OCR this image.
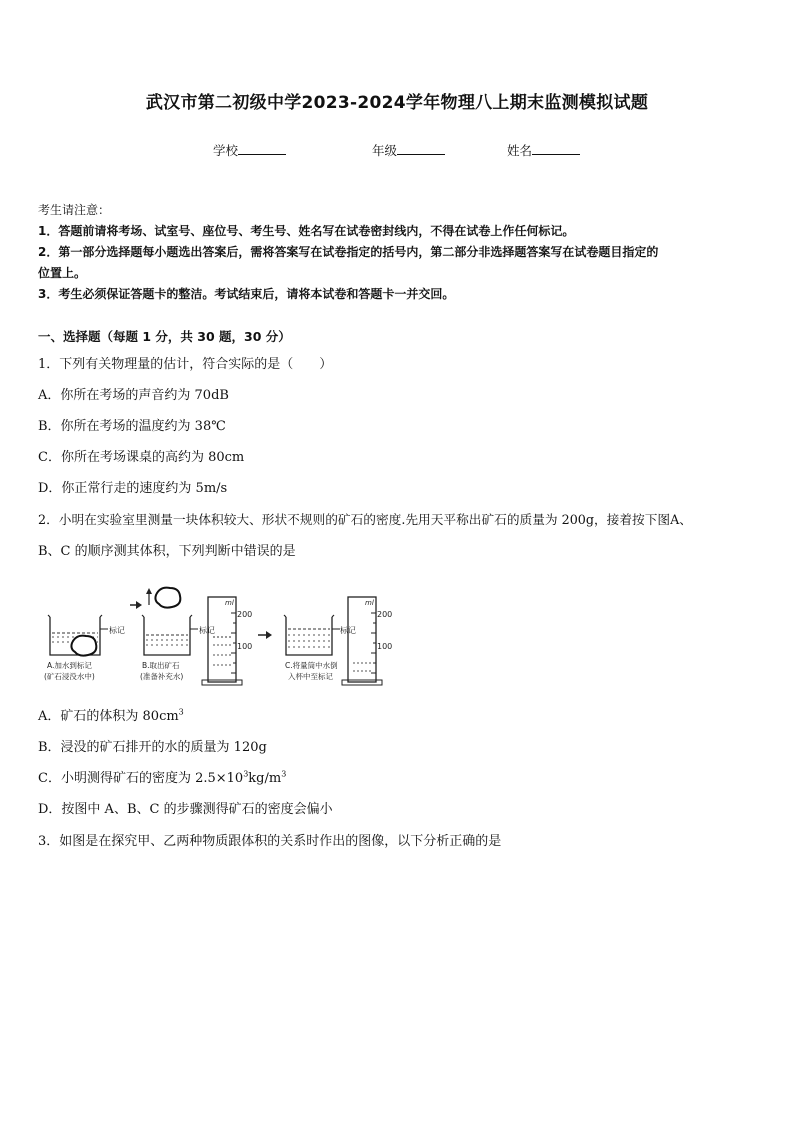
武汉市第二初级中学2023-2024学年物理八上期末监测模拟试题
学校	年级	姓名
考生请注意：
1．答题前请将考场、试室号、座位号、考生号、姓名写在试卷密封线内，不得在试卷上作任何标记。
2．第一部分选择题每小题选出答案后，需将答案写在试卷指定的括号内，第二部分非选择题答案写在试卷题目指定的
位置上。
3．考生必须保证答题卡的整洁。考试结束后，请将本试卷和答题卡一并交回。
一、选择题（每题 1 分，共 30 题，30 分）
1．下列有关物理量的估计，符合实际的是（　　）
A．你所在考场的声音约为 70dB
B．你所在考场的温度约为 38℃
C．你所在考场课桌的高约为 80cm
D．你正常行走的速度约为 5m/s
2．小明在实验室里测量一块体积较大、形状不规则的矿石的密度.先用天平称出矿石的质量为 200g，接着按下图A、
B、C 的顺序测其体积，下列判断中错误的是
标记
A.加水到标记
(矿石浸没水中)
标记
B.取出矿石
(准备补充水)
ml
200
100
标记
C.将量筒中水倒
入杯中至标记
ml
200
100
A．矿石的体积为 $80cm^3$
B．浸没的矿石排开的水的质量为 120g
C．小明测得矿石的密度为 $2.5\times 10^3kg/m^3$
D．按图中 A、B、C 的步骤测得矿石的密度会偏小
3．如图是在探究甲、乙两种物质跟体积的关系时作出的图像，以下分析正确的是
